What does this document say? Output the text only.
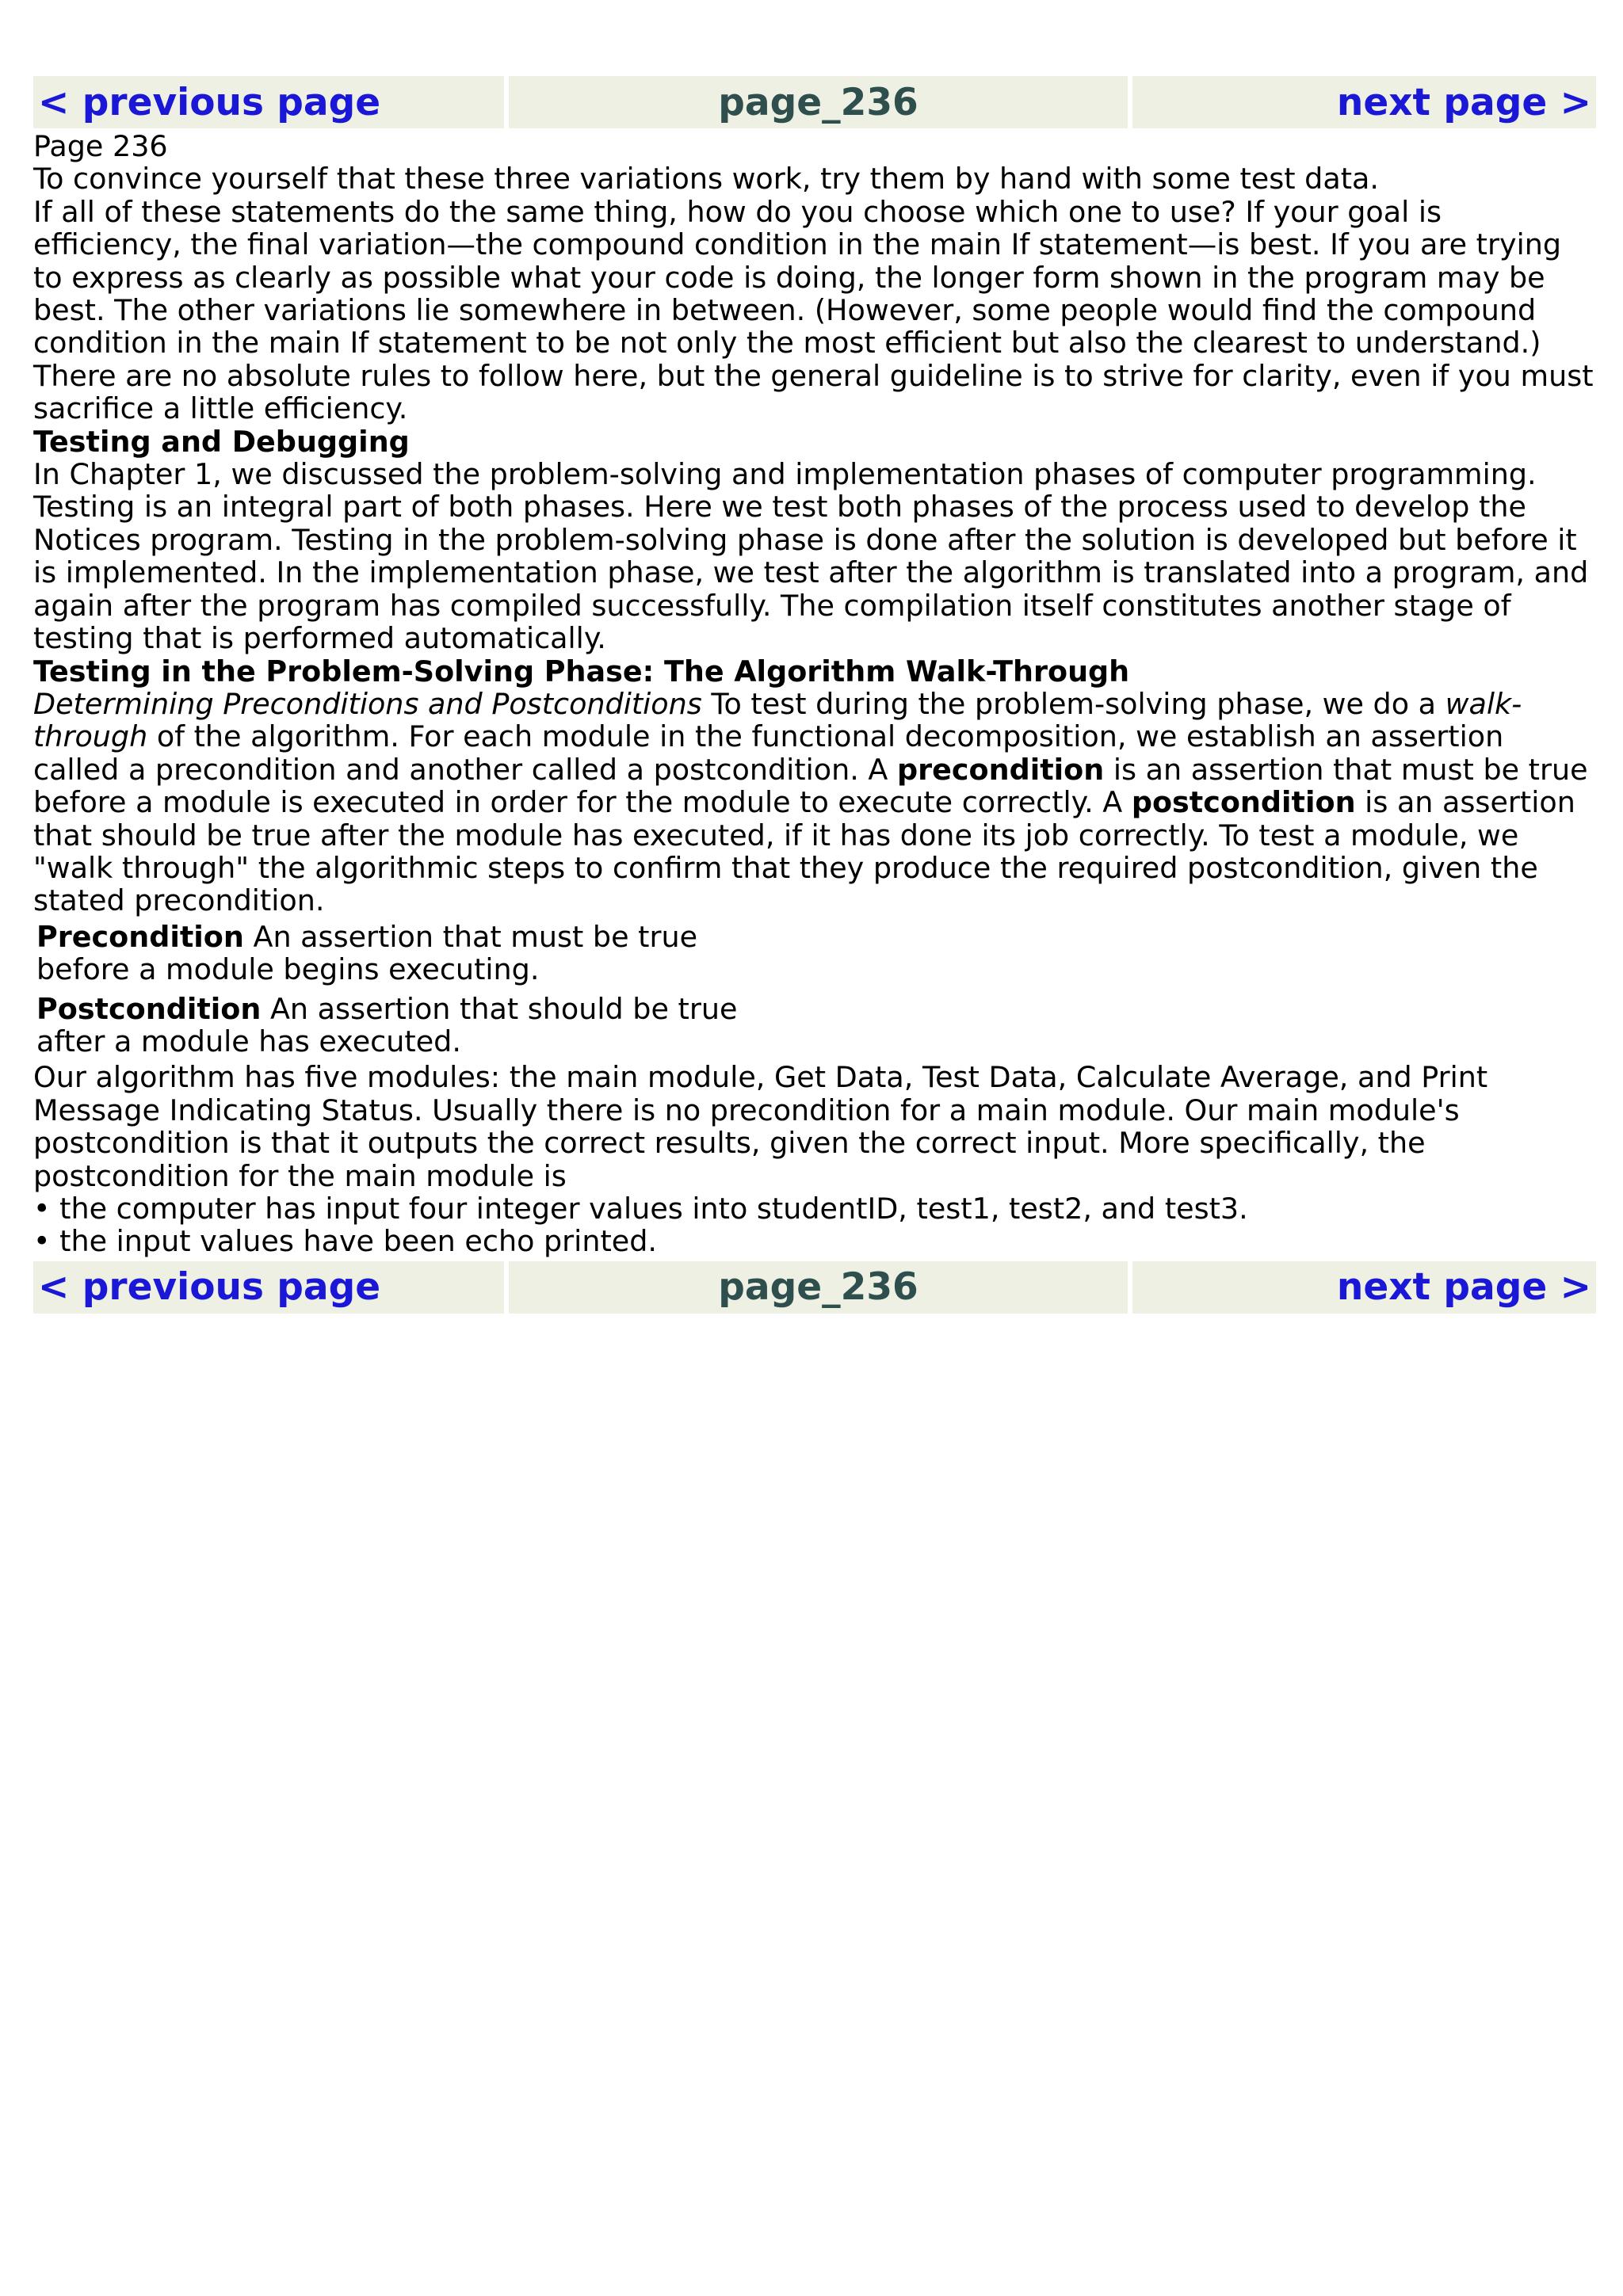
< previous page	page_236	next page >

Page 236

To convince yourself that these three variations work, try them by hand with some test data.

If all of these statements do the same thing, how do you choose which one to use? If your goal is efficiency, the final variation—the compound condition in the main If statement—is best. If you are trying to express as clearly as possible what your code is doing, the longer form shown in the program may be best. The other variations lie somewhere in between. (However, some people would find the compound condition in the main If statement to be not only the most efficient but also the clearest to understand.) There are no absolute rules to follow here, but the general guideline is to strive for clarity, even if you must sacrifice a little efficiency.

Testing and Debugging

In Chapter 1, we discussed the problem-solving and implementation phases of computer programming. Testing is an integral part of both phases. Here we test both phases of the process used to develop the Notices program. Testing in the problem-solving phase is done after the solution is developed but before it is implemented. In the implementation phase, we test after the algorithm is translated into a program, and again after the program has compiled successfully. The compilation itself constitutes another stage of testing that is performed automatically.

Testing in the Problem-Solving Phase: The Algorithm Walk-Through

Determining Preconditions and Postconditions To test during the problem-solving phase, we do a walk-through of the algorithm. For each module in the functional decomposition, we establish an assertion called a precondition and another called a postcondition. A precondition is an assertion that must be true before a module is executed in order for the module to execute correctly. A postcondition is an assertion that should be true after the module has executed, if it has done its job correctly. To test a module, we "walk through" the algorithmic steps to confirm that they produce the required postcondition, given the stated precondition.

Precondition An assertion that must be true before a module begins executing.
Postcondition An assertion that should be true after a module has executed.

Our algorithm has five modules: the main module, Get Data, Test Data, Calculate Average, and Print Message Indicating Status. Usually there is no precondition for a main module. Our main module's postcondition is that it outputs the correct results, given the correct input. More specifically, the postcondition for the main module is

• the computer has input four integer values into studentID, test1, test2, and test3.

• the input values have been echo printed.

< previous page	page_236	next page >
